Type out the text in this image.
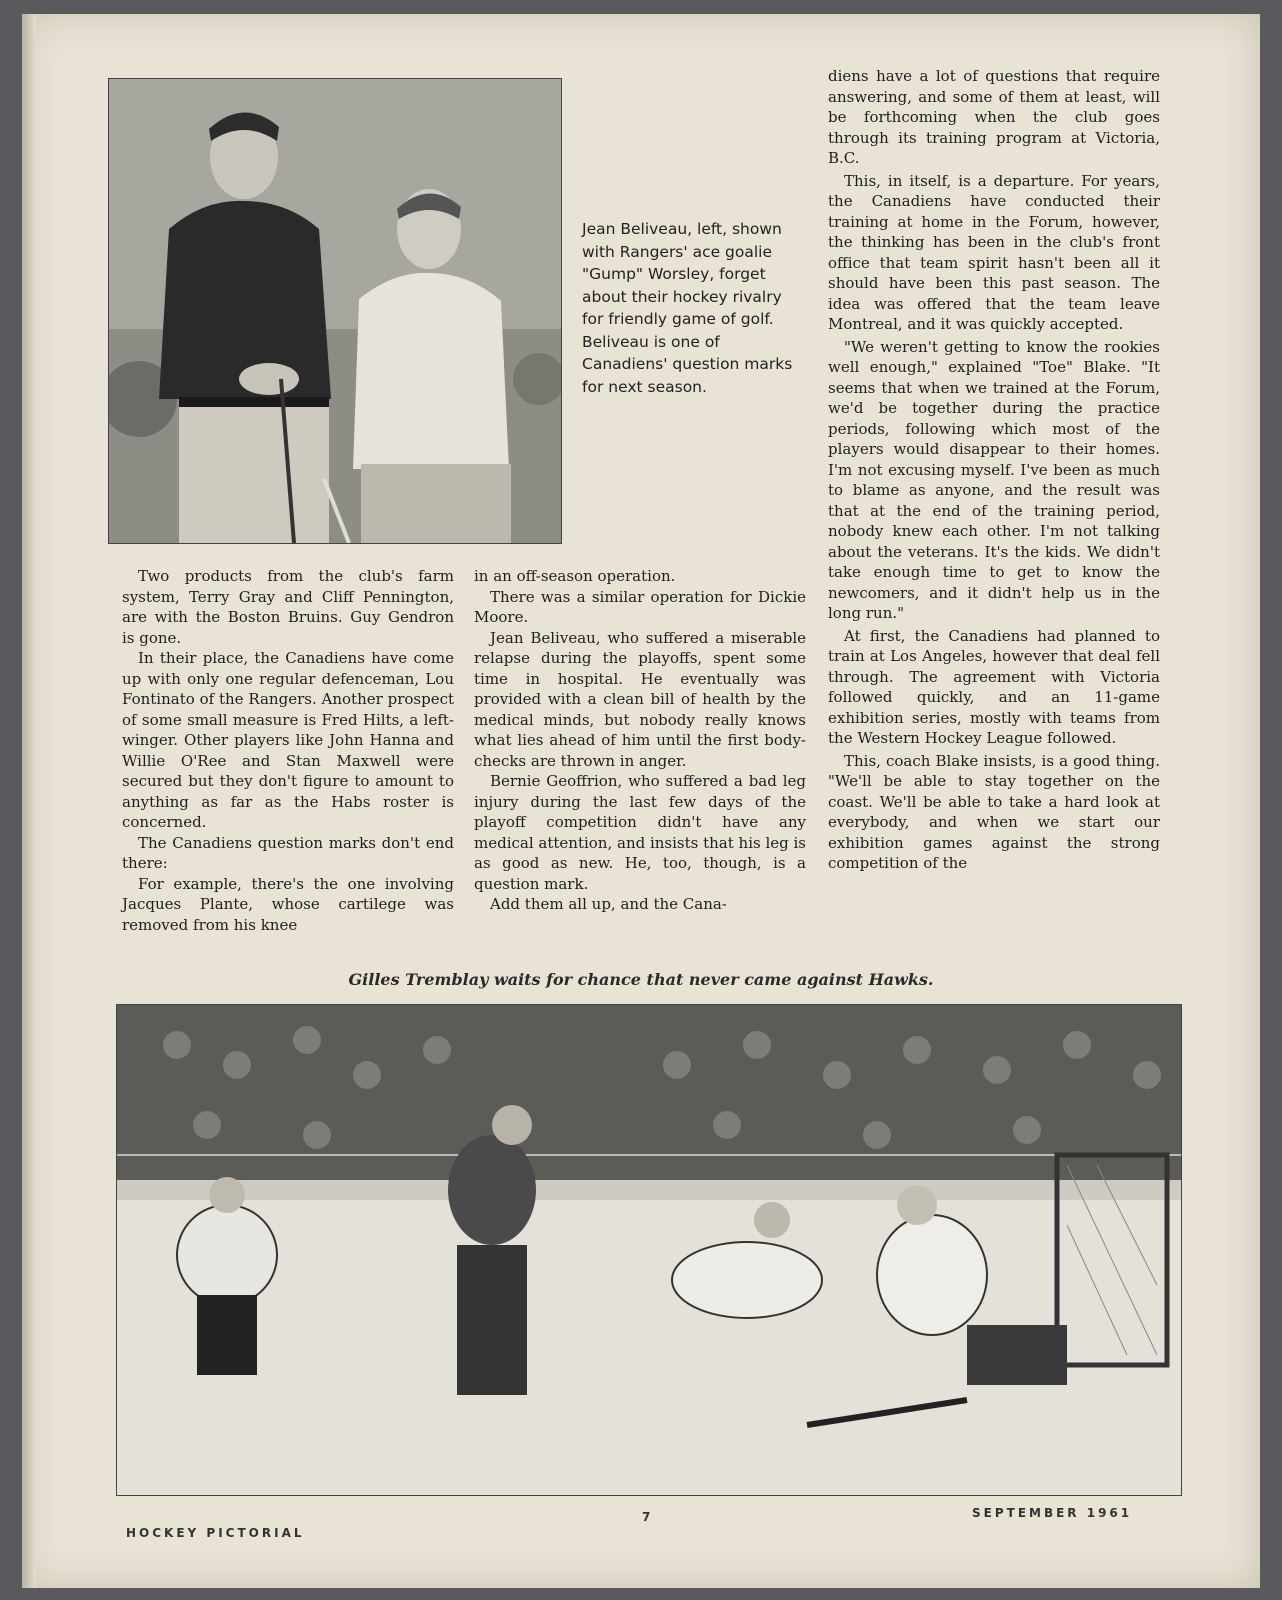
Jean Beliveau, left, shown with Rangers' ace goalie "Gump" Worsley, forget about their hockey rivalry for friendly game of golf. Beliveau is one of Canadiens' question marks for next season.

diens have a lot of questions that require answering, and some of them at least, will be forthcoming when the club goes through its training program at Victoria, B.C.

This, in itself, is a departure. For years, the Canadiens have conducted their training at home in the Forum, however, the thinking has been in the club's front office that team spirit hasn't been all it should have been this past season. The idea was offered that the team leave Montreal, and it was quickly accepted.

"We weren't getting to know the rookies well enough," explained "Toe" Blake. "It seems that when we trained at the Forum, we'd be together during the practice periods, following which most of the players would disappear to their homes. I'm not excusing myself. I've been as much to blame as anyone, and the result was that at the end of the training period, nobody knew each other. I'm not talking about the veterans. It's the kids. We didn't take enough time to get to know the newcomers, and it didn't help us in the long run."

At first, the Canadiens had planned to train at Los Angeles, however that deal fell through. The agreement with Victoria followed quickly, and an 11-game exhibition series, mostly with teams from the Western Hockey League followed.

This, coach Blake insists, is a good thing. "We'll be able to stay together on the coast. We'll be able to take a hard look at everybody, and when we start our exhibition games against the strong competition of the

Two products from the club's farm system, Terry Gray and Cliff Pennington, are with the Boston Bruins. Guy Gendron is gone.

In their place, the Canadiens have come up with only one regular defenceman, Lou Fontinato of the Rangers. Another prospect of some small measure is Fred Hilts, a left-winger. Other players like John Hanna and Willie O'Ree and Stan Maxwell were secured but they don't figure to amount to anything as far as the Habs roster is concerned.

The Canadiens question marks don't end there:

For example, there's the one involving Jacques Plante, whose cartilege was removed from his knee

in an off-season operation.

There was a similar operation for Dickie Moore.

Jean Beliveau, who suffered a miserable relapse during the playoffs, spent some time in hospital. He eventually was provided with a clean bill of health by the medical minds, but nobody really knows what lies ahead of him until the first body-checks are thrown in anger.

Bernie Geoffrion, who suffered a bad leg injury during the last few days of the playoff competition didn't have any medical attention, and insists that his leg is as good as new. He, too, though, is a question mark.

Add them all up, and the Cana-

Gilles Tremblay waits for chance that never came against Hawks.
HOCKEY PICTORIAL
7	SEPTEMBER 1961
